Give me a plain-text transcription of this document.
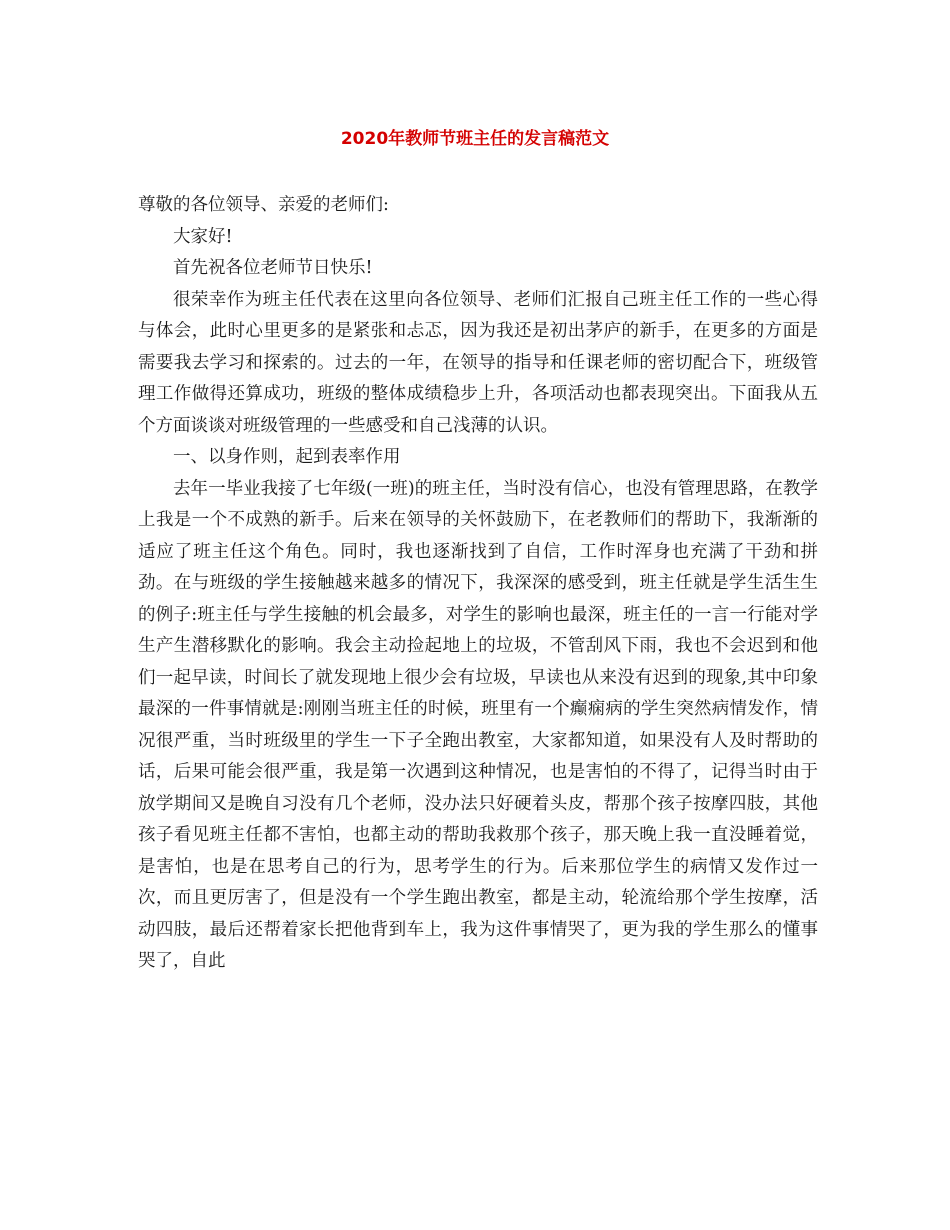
2020年教师节班主任的发言稿范文

尊敬的各位领导、亲爱的老师们:

大家好!

首先祝各位老师节日快乐!

很荣幸作为班主任代表在这里向各位领导、老师们汇报自己班主任工作的一些心得与体会，此时心里更多的是紧张和忐忑，因为我还是初出茅庐的新手，在更多的方面是需要我去学习和探索的。过去的一年，在领导的指导和任课老师的密切配合下，班级管理工作做得还算成功，班级的整体成绩稳步上升，各项活动也都表现突出。下面我从五个方面谈谈对班级管理的一些感受和自己浅薄的认识。

一、以身作则，起到表率作用

去年一毕业我接了七年级(一班)的班主任，当时没有信心，也没有管理思路，在教学上我是一个不成熟的新手。后来在领导的关怀鼓励下，在老教师们的帮助下，我渐渐的适应了班主任这个角色。同时，我也逐渐找到了自信，工作时浑身也充满了干劲和拼劲。在与班级的学生接触越来越多的情况下，我深深的感受到，班主任就是学生活生生的例子:班主任与学生接触的机会最多，对学生的影响也最深，班主任的一言一行能对学生产生潜移默化的影响。我会主动捡起地上的垃圾，不管刮风下雨，我也不会迟到和他们一起早读，时间长了就发现地上很少会有垃圾，早读也从来没有迟到的现象,其中印象最深的一件事情就是:刚刚当班主任的时候，班里有一个癫痫病的学生突然病情发作，情况很严重，当时班级里的学生一下子全跑出教室，大家都知道，如果没有人及时帮助的话，后果可能会很严重，我是第一次遇到这种情况，也是害怕的不得了，记得当时由于放学期间又是晚自习没有几个老师，没办法只好硬着头皮，帮那个孩子按摩四肢，其他孩子看见班主任都不害怕，也都主动的帮助我救那个孩子，那天晚上我一直没睡着觉，是害怕，也是在思考自己的行为，思考学生的行为。后来那位学生的病情又发作过一次，而且更厉害了，但是没有一个学生跑出教室，都是主动，轮流给那个学生按摩，活动四肢，最后还帮着家长把他背到车上，我为这件事情哭了，更为我的学生那么的懂事哭了，自此
